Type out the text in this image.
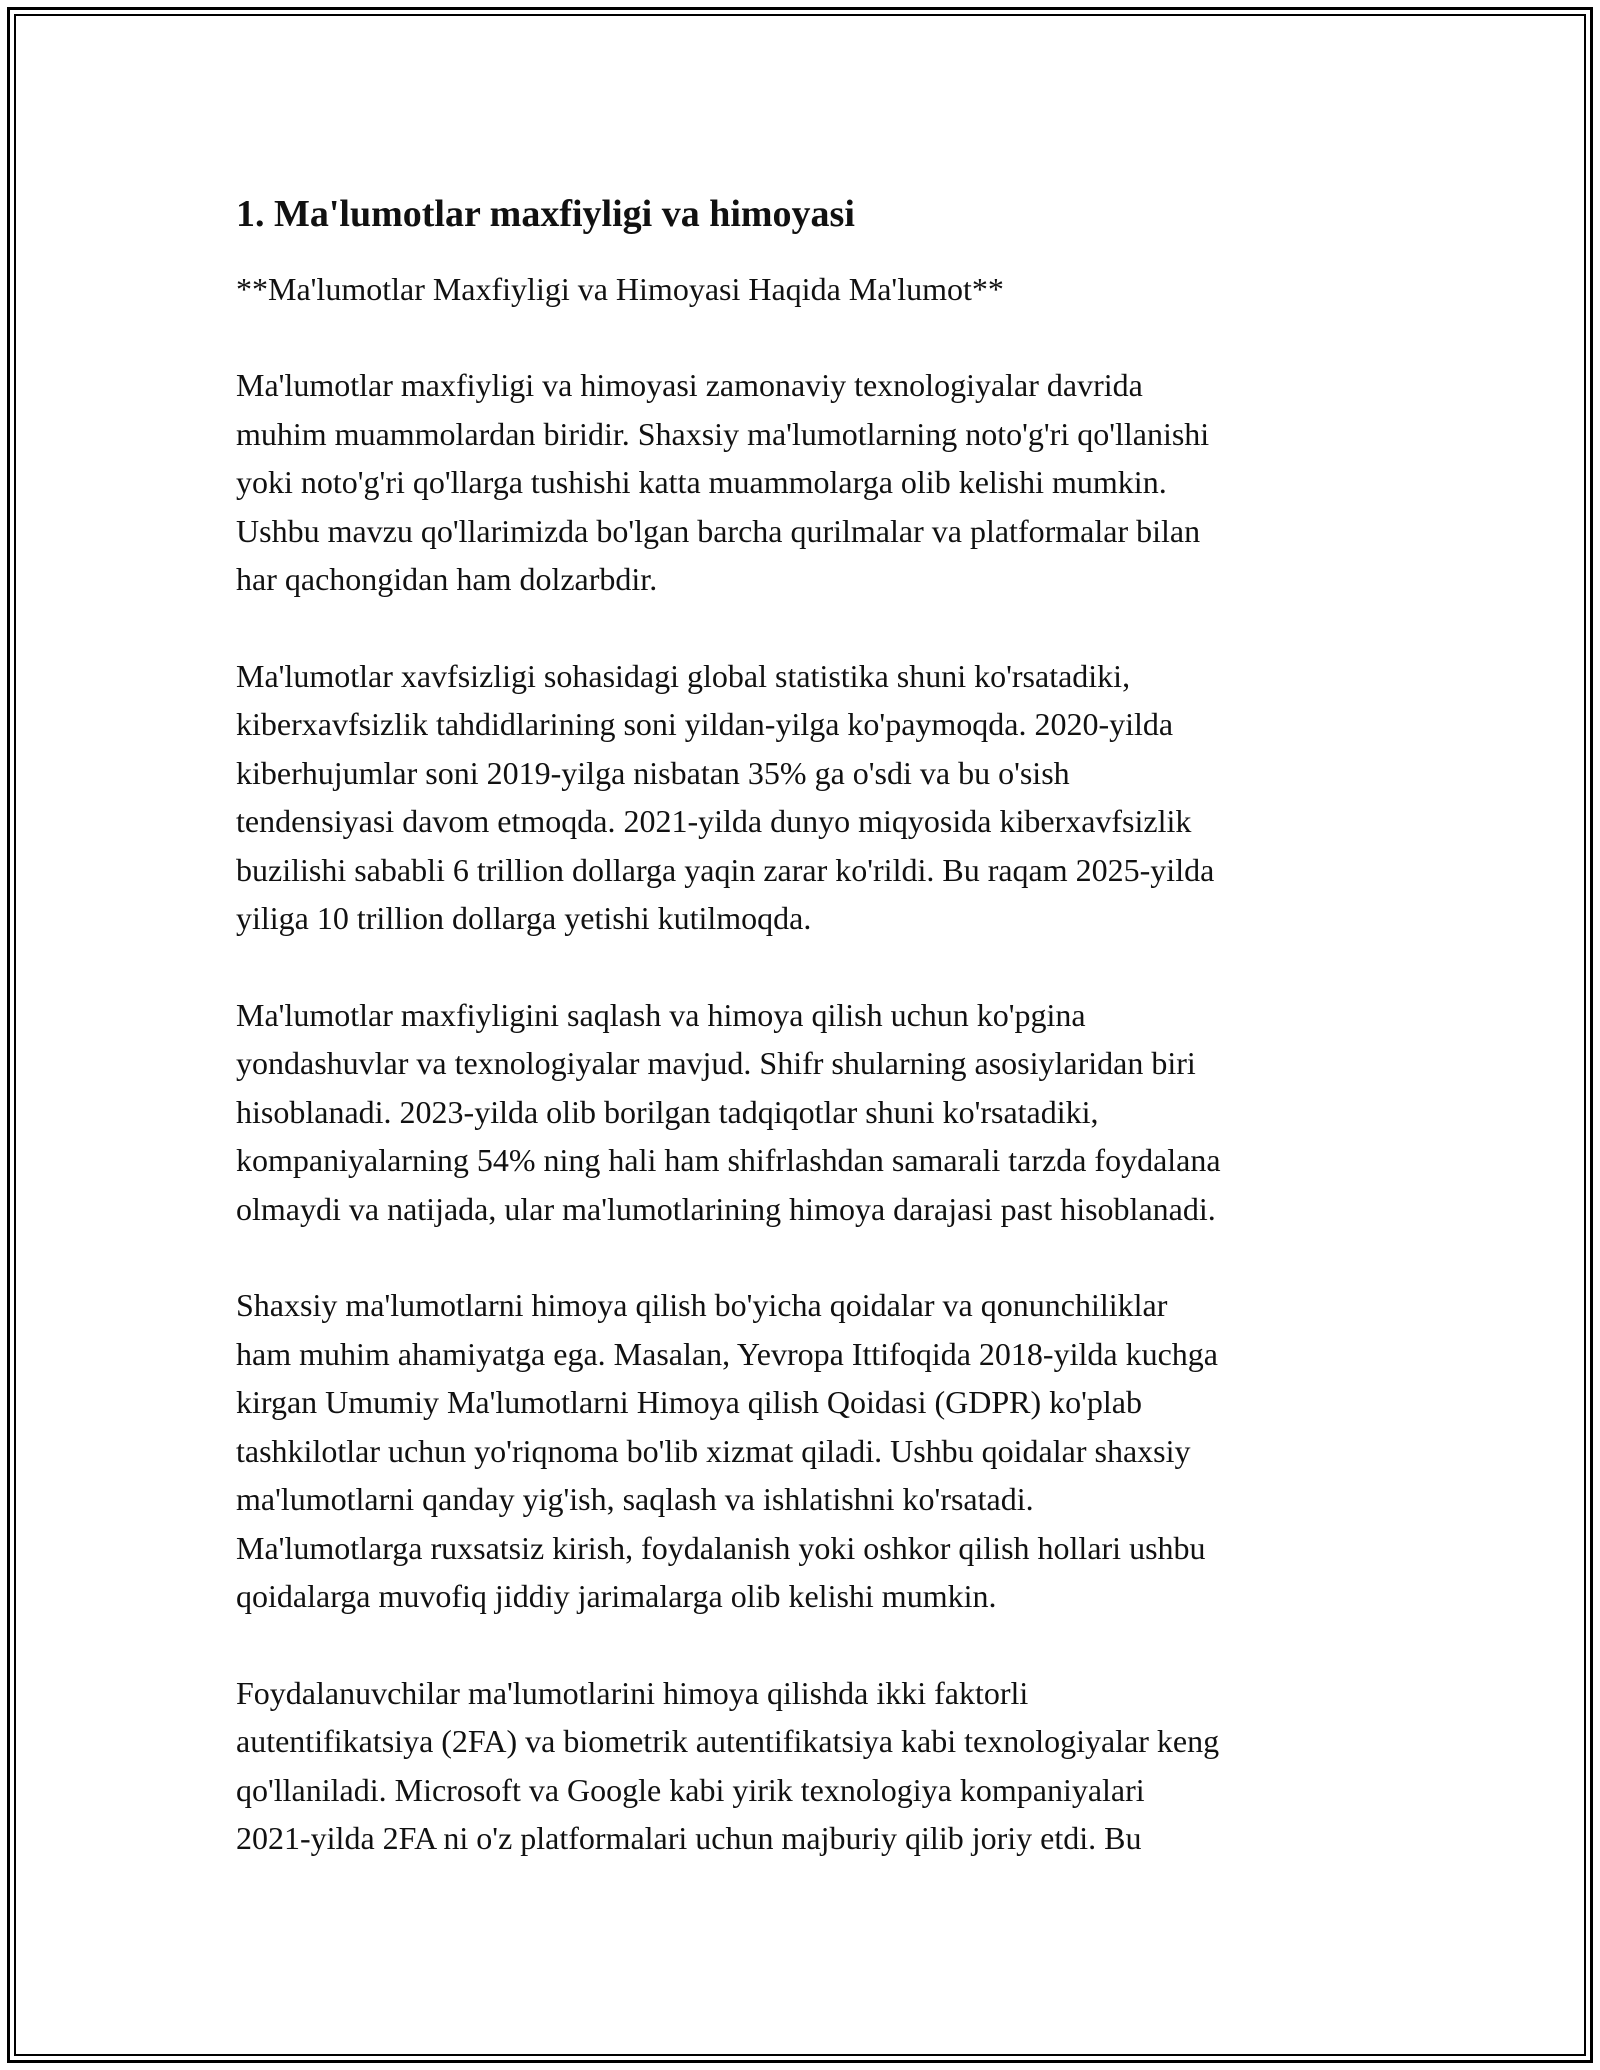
1. Ma'lumotlar maxfiyligi va himoyasi

**Ma'lumotlar Maxfiyligi va Himoyasi Haqida Ma'lumot**

Ma'lumotlar maxfiyligi va himoyasi zamonaviy texnologiyalar davrida
muhim muammolardan biridir. Shaxsiy ma'lumotlarning noto'g'ri qo'llanishi
yoki noto'g'ri qo'llarga tushishi katta muammolarga olib kelishi mumkin.
Ushbu mavzu qo'llarimizda bo'lgan barcha qurilmalar va platformalar bilan
har qachongidan ham dolzarbdir.

Ma'lumotlar xavfsizligi sohasidagi global statistika shuni ko'rsatadiki,
kiberxavfsizlik tahdidlarining soni yildan-yilga ko'paymoqda. 2020-yilda
kiberhujumlar soni 2019-yilga nisbatan 35% ga o'sdi va bu o'sish
tendensiyasi davom etmoqda. 2021-yilda dunyo miqyosida kiberxavfsizlik
buzilishi sababli 6 trillion dollarga yaqin zarar ko'rildi. Bu raqam 2025-yilda
yiliga 10 trillion dollarga yetishi kutilmoqda.

Ma'lumotlar maxfiyligini saqlash va himoya qilish uchun ko'pgina
yondashuvlar va texnologiyalar mavjud. Shifr shularning asosiylaridan biri
hisoblanadi. 2023-yilda olib borilgan tadqiqotlar shuni ko'rsatadiki,
kompaniyalarning 54% ning hali ham shifrlashdan samarali tarzda foydalana
olmaydi va natijada, ular ma'lumotlarining himoya darajasi past hisoblanadi.

Shaxsiy ma'lumotlarni himoya qilish bo'yicha qoidalar va qonunchiliklar
ham muhim ahamiyatga ega. Masalan, Yevropa Ittifoqida 2018-yilda kuchga
kirgan Umumiy Ma'lumotlarni Himoya qilish Qoidasi (GDPR) ko'plab
tashkilotlar uchun yo'riqnoma bo'lib xizmat qiladi. Ushbu qoidalar shaxsiy
ma'lumotlarni qanday yig'ish, saqlash va ishlatishni ko'rsatadi.
Ma'lumotlarga ruxsatsiz kirish, foydalanish yoki oshkor qilish hollari ushbu
qoidalarga muvofiq jiddiy jarimalarga olib kelishi mumkin.

Foydalanuvchilar ma'lumotlarini himoya qilishda ikki faktorli
autentifikatsiya (2FA) va biometrik autentifikatsiya kabi texnologiyalar keng
qo'llaniladi. Microsoft va Google kabi yirik texnologiya kompaniyalari
2021-yilda 2FA ni o'z platformalari uchun majburiy qilib joriy etdi. Bu
